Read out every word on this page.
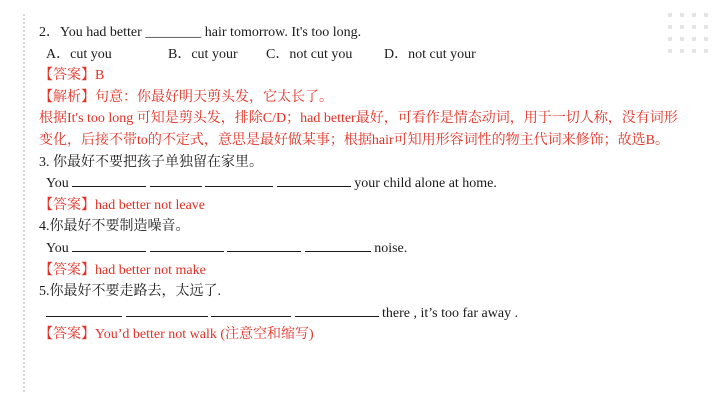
2．You had better ________ hair tomorrow. It's too long.
A．cut you	B．cut your C．not cut you D．not cut your
【答案】B
【解析】句意：你最好明天剪头发，它太长了。
根据It's too long 可知是剪头发，排除C/D；had better最好，可看作是情态动词，用于一切人称，没有词形变化，后接不带to的不定式，意思是最好做某事；根据hair可知用形容词性的物主代词来修饰；故选B。
3. 你最好不要把孩子单独留在家里。
You	your child alone at home.
【答案】had better not leave
4.你最好不要制造噪音。
You	noise.
【答案】had better not make
5.你最好不要走路去，太远了.
there , it’s too far away .
【答案】You’d better not walk (注意空和缩写)
